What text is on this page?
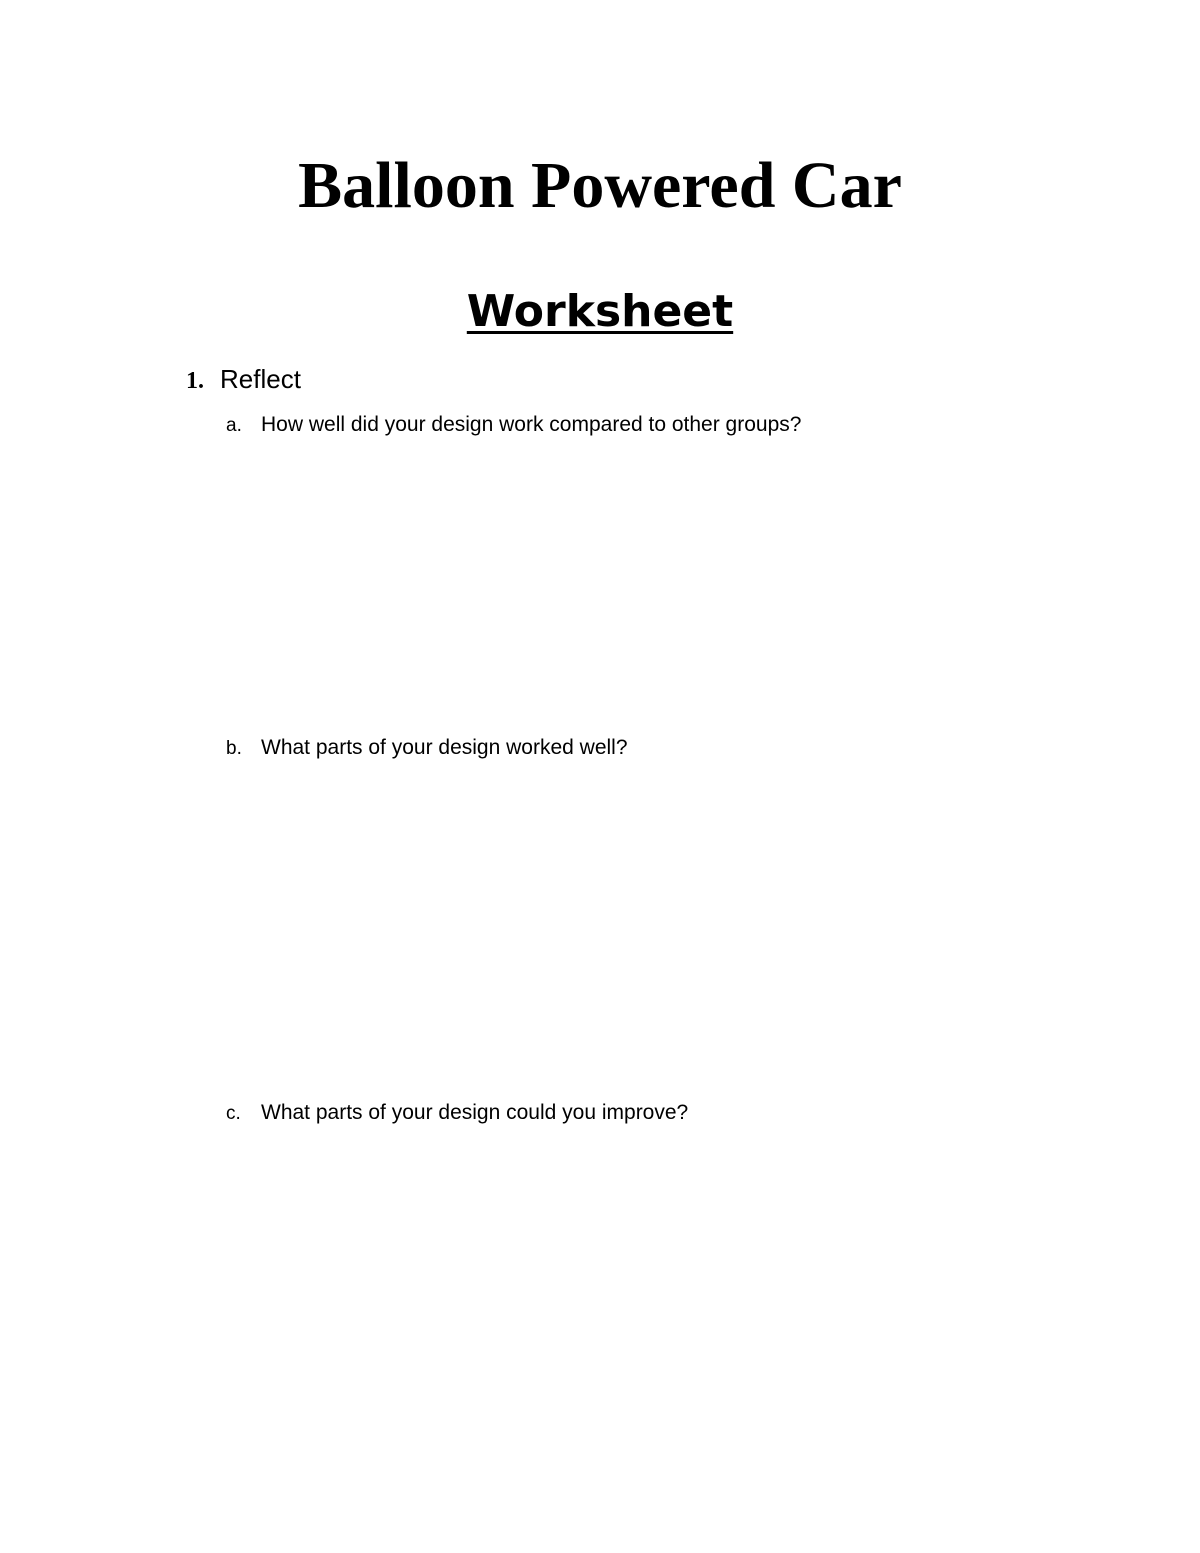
Balloon Powered Car
Worksheet
1. Reflect
a. How well did your design work compared to other groups?
b. What parts of your design worked well?
c. What parts of your design could you improve?
